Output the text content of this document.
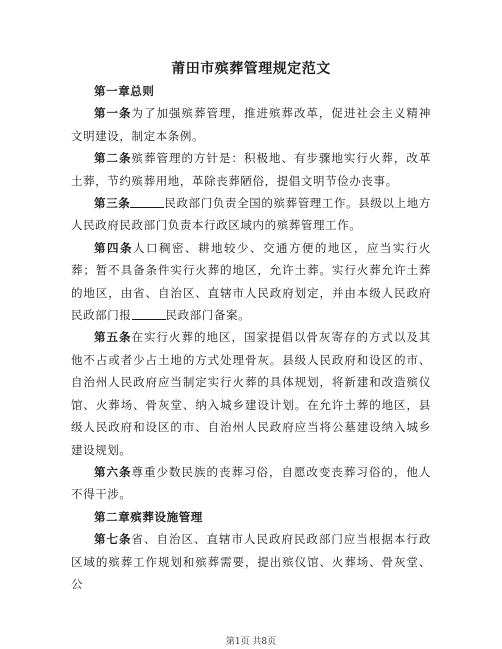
莆田市殡葬管理规定范文

第一章总则

第一条为了加强殡葬管理，推进殡葬改革，促进社会主义精神文明建设，制定本条例。

第二条殡葬管理的方针是：积极地、有步骤地实行火葬，改革土葬，节约殡葬用地，革除丧葬陋俗，提倡文明节俭办丧事。

第三条	民政部门负责全国的殡葬管理工作。县级以上地方人民政府民政部门负责本行政区域内的殡葬管理工作。

第四条人口稠密、耕地较少、交通方便的地区，应当实行火葬；暂不具备条件实行火葬的地区，允许土葬。实行火葬允许土葬的地区，由省、自治区、直辖市人民政府划定，并由本级人民政府民政部门报	民政部门备案。

第五条在实行火葬的地区，国家提倡以骨灰寄存的方式以及其他不占或者少占土地的方式处理骨灰。县级人民政府和设区的市、自治州人民政府应当制定实行火葬的具体规划，将新建和改造殡仪馆、火葬场、骨灰堂、纳入城乡建设计划。在允许土葬的地区，县级人民政府和设区的市、自治州人民政府应当将公墓建设纳入城乡建设规划。

第六条尊重少数民族的丧葬习俗，自愿改变丧葬习俗的，他人不得干涉。

第二章殡葬设施管理

第七条省、自治区、直辖市人民政府民政部门应当根据本行政区域的殡葬工作规划和殡葬需要，提出殡仪馆、火葬场、骨灰堂、公

第1页 共8页
